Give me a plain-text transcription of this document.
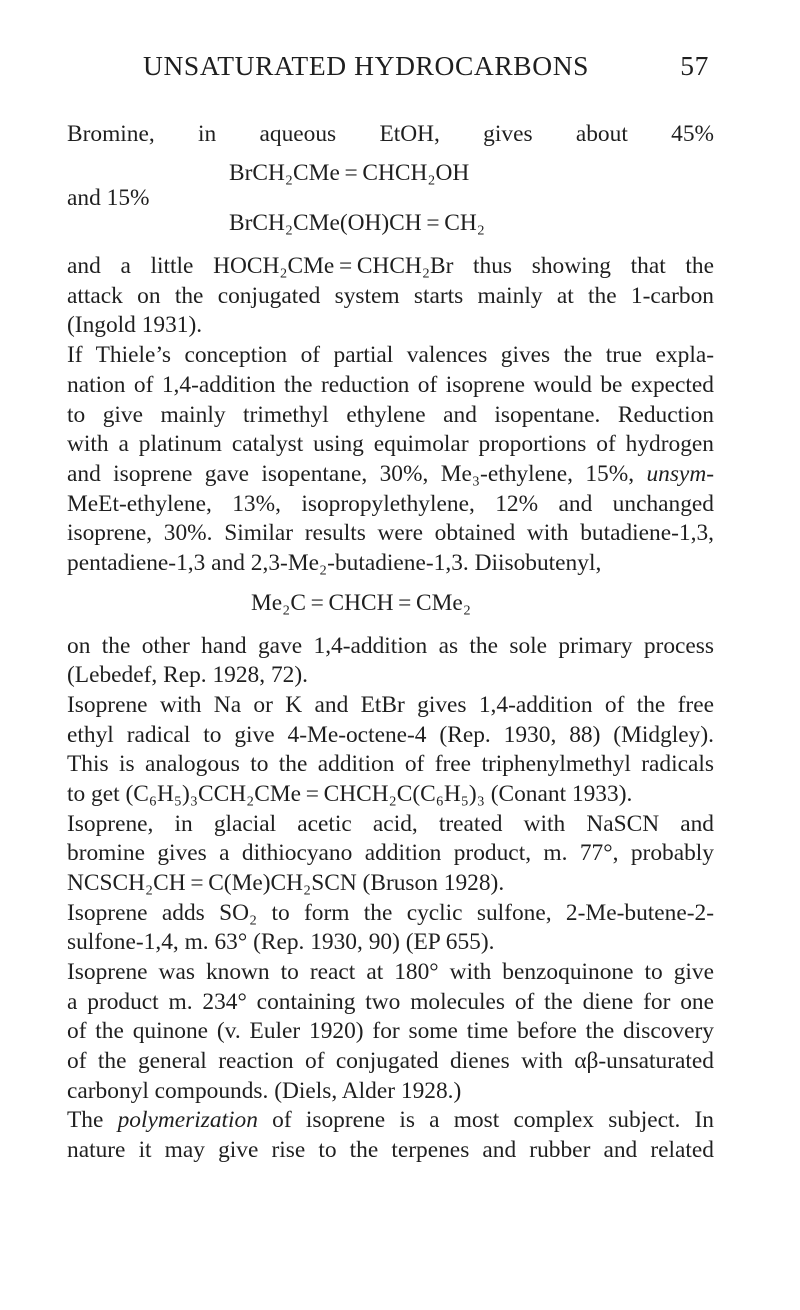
UNSATURATED HYDROCARBONS	57
Bromine, in aqueous EtOH, gives about 45%
BrCH₂CMe = CHCH₂OH
and 15%
BrCH₂CMe(OH)CH = CH₂
and a little HOCH₂CMe = CHCH₂Br thus showing that the
attack on the conjugated system starts mainly at the 1-carbon
(Ingold 1931).
If Thiele’s conception of partial valences gives the true expla-
nation of 1,4-addition the reduction of isoprene would be expected
to give mainly trimethyl ethylene and isopentane. Reduction
with a platinum catalyst using equimolar proportions of hydrogen
and isoprene gave isopentane, 30%, Me₃-ethylene, 15%, unsym-
MeEt-ethylene, 13%, isopropylethylene, 12% and unchanged
isoprene, 30%. Similar results were obtained with butadiene-1,3,
pentadiene-1,3 and 2,3-Me₂-butadiene-1,3. Diisobutenyl,
Me₂C = CHCH = CMe₂
on the other hand gave 1,4-addition as the sole primary process
(Lebedef, Rep. 1928, 72).
Isoprene with Na or K and EtBr gives 1,4-addition of the free
ethyl radical to give 4-Me-octene-4 (Rep. 1930, 88) (Midgley).
This is analogous to the addition of free triphenylmethyl radicals
to get (C₆H₅)₃CCH₂CMe = CHCH₂C(C₆H₅)₃ (Conant 1933).
Isoprene, in glacial acetic acid, treated with NaSCN and
bromine gives a dithiocyano addition product, m. 77°, probably
NCSCH₂CH = C(Me)CH₂SCN (Bruson 1928).
Isoprene adds SO₂ to form the cyclic sulfone, 2-Me-butene-2-
sulfone-1,4, m. 63° (Rep. 1930, 90) (EP 655).
Isoprene was known to react at 180° with benzoquinone to give
a product m. 234° containing two molecules of the diene for one
of the quinone (v. Euler 1920) for some time before the discovery
of the general reaction of conjugated dienes with αβ-unsaturated
carbonyl compounds. (Diels, Alder 1928.)
The polymerization of isoprene is a most complex subject. In
nature it may give rise to the terpenes and rubber and related
